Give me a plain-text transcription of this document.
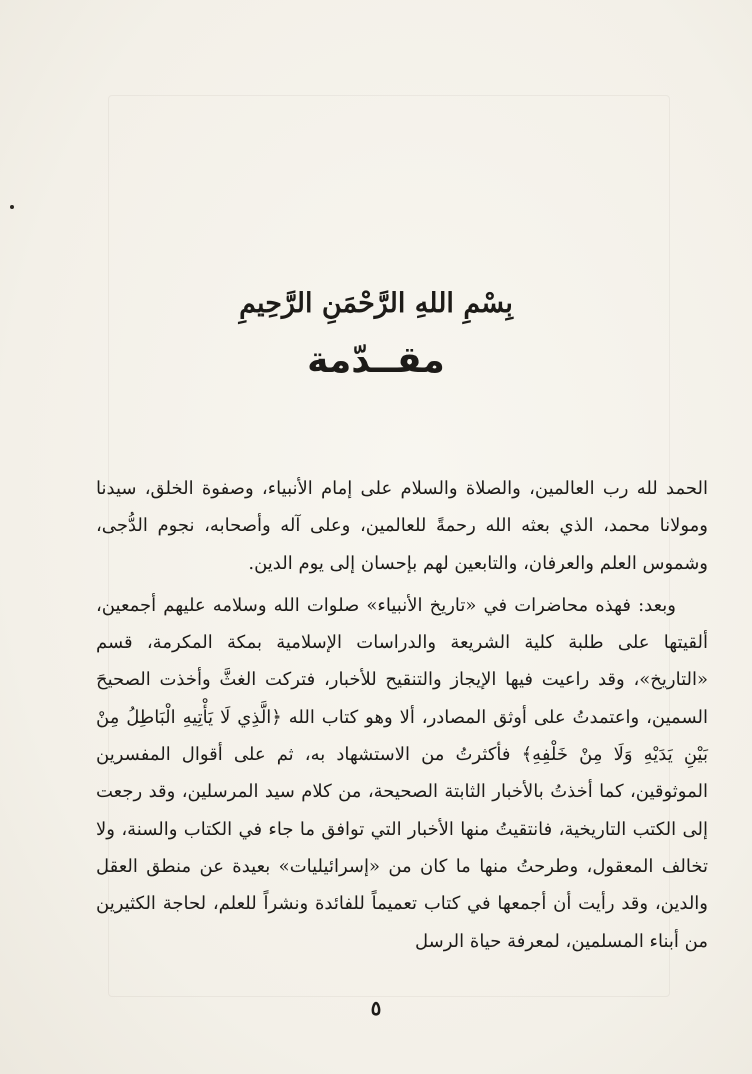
بِسْمِ اللهِ الرَّحْمَنِ الرَّحِيمِ
مقــدّمة

الحمد لله رب العالمين، والصلاة والسلام على إمام الأنبياء، وصفوة الخلق، سيدنا ومولانا محمد، الذي بعثه الله رحمةً للعالمين، وعلى آله وأصحابه، نجوم الدُّجى، وشموس العلم والعرفان، والتابعين لهم بإحسان إلى يوم الدين.

وبعد: فهذه محاضرات في «تاريخ الأنبياء» صلوات الله وسلامه عليهم أجمعين، ألقيتها على طلبة كلية الشريعة والدراسات الإسلامية بمكة المكرمة، قسم «التاريخ»، وقد راعيت فيها الإيجاز والتنقيح للأخبار، فتركت الغثَّ وأخذت الصحيحَ السمين، واعتمدتُ على أوثق المصادر، ألا وهو كتاب الله ﴿الَّذِي لَا يَأْتِيهِ الْبَاطِلُ مِنْ بَيْنِ يَدَيْهِ وَلَا مِنْ خَلْفِهِ﴾ فأكثرتُ من الاستشهاد به، ثم على أقوال المفسرين الموثوقين، كما أخذتُ بالأخبار الثابتة الصحيحة، من كلام سيد المرسلين، وقد رجعت إلى الكتب التاريخية، فانتقيتُ منها الأخبار التي توافق ما جاء في الكتاب والسنة، ولا تخالف المعقول، وطرحتُ منها ما كان من «إسرائيليات» بعيدة عن منطق العقل والدين، وقد رأيت أن أجمعها في كتاب تعميماً للفائدة ونشراً للعلم، لحاجة الكثيرين من أبناء المسلمين، لمعرفة حياة الرسل

٥
